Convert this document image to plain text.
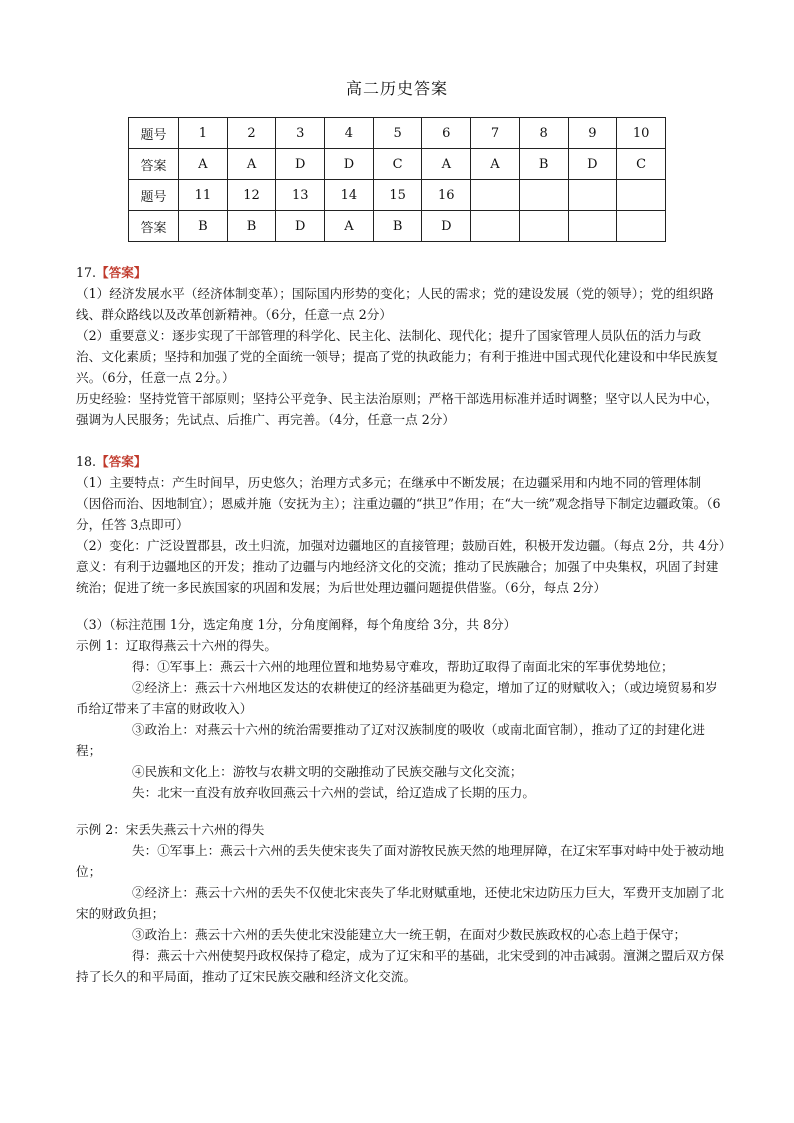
高二历史答案
题号	1	2	3	4	5	6	7	8	9	10
答案	A	A	D	D	C	A	A	B	D	C
题号	11	12	13	14	15	16				
答案	B	B	D	A	B	D				

17.【答案】

（1）经济发展水平（经济体制变革）；国际国内形势的变化；人民的需求；党的建设发展（党的领导）；党的组织路线、群众路线以及改革创新精神。（6分，任意一点 2分）

（2）重要意义：逐步实现了干部管理的科学化、民主化、法制化、现代化；提升了国家管理人员队伍的活力与政治、文化素质；坚持和加强了党的全面统一领导；提高了党的执政能力；有利于推进中国式现代化建设和中华民族复兴。（6分，任意一点 2分。）

历史经验：坚持党管干部原则；坚持公平竞争、民主法治原则；严格干部选用标准并适时调整；坚守以人民为中心，强调为人民服务；先试点、后推广、再完善。（4分，任意一点 2分）

18.【答案】

（1）主要特点：产生时间早，历史悠久；治理方式多元；在继承中不断发展；在边疆采用和内地不同的管理体制（因俗而治、因地制宜）；恩威并施（安抚为主）；注重边疆的“拱卫”作用；在“大一统”观念指导下制定边疆政策。（6分，任答 3点即可）

（2）变化：广泛设置郡县，改土归流，加强对边疆地区的直接管理；鼓励百姓，积极开发边疆。（每点 2分，共 4分）

意义：有利于边疆地区的开发；推动了边疆与内地经济文化的交流；推动了民族融合；加强了中央集权，巩固了封建统治；促进了统一多民族国家的巩固和发展；为后世处理边疆问题提供借鉴。（6分，每点 2分）

（3）（标注范围 1分，选定角度 1分，分角度阐释，每个角度给 3分，共 8分）

示例 1：辽取得燕云十六州的得失。

得：①军事上：燕云十六州的地理位置和地势易守难攻，帮助辽取得了南面北宋的军事优势地位；

②经济上：燕云十六州地区发达的农耕使辽的经济基础更为稳定，增加了辽的财赋收入；（或边境贸易和岁币给辽带来了丰富的财政收入）

③政治上：对燕云十六州的统治需要推动了辽对汉族制度的吸收（或南北面官制），推动了辽的封建化进程；

④民族和文化上：游牧与农耕文明的交融推动了民族交融与文化交流；

失：北宋一直没有放弃收回燕云十六州的尝试，给辽造成了长期的压力。

示例 2：宋丢失燕云十六州的得失

失：①军事上：燕云十六州的丢失使宋丧失了面对游牧民族天然的地理屏障，在辽宋军事对峙中处于被动地位；

②经济上：燕云十六州的丢失不仅使北宋丧失了华北财赋重地，还使北宋边防压力巨大，军费开支加剧了北宋的财政负担；

③政治上：燕云十六州的丢失使北宋没能建立大一统王朝，在面对少数民族政权的心态上趋于保守；

得：燕云十六州使契丹政权保持了稳定，成为了辽宋和平的基础，北宋受到的冲击减弱。澶渊之盟后双方保持了长久的和平局面，推动了辽宋民族交融和经济文化交流。
